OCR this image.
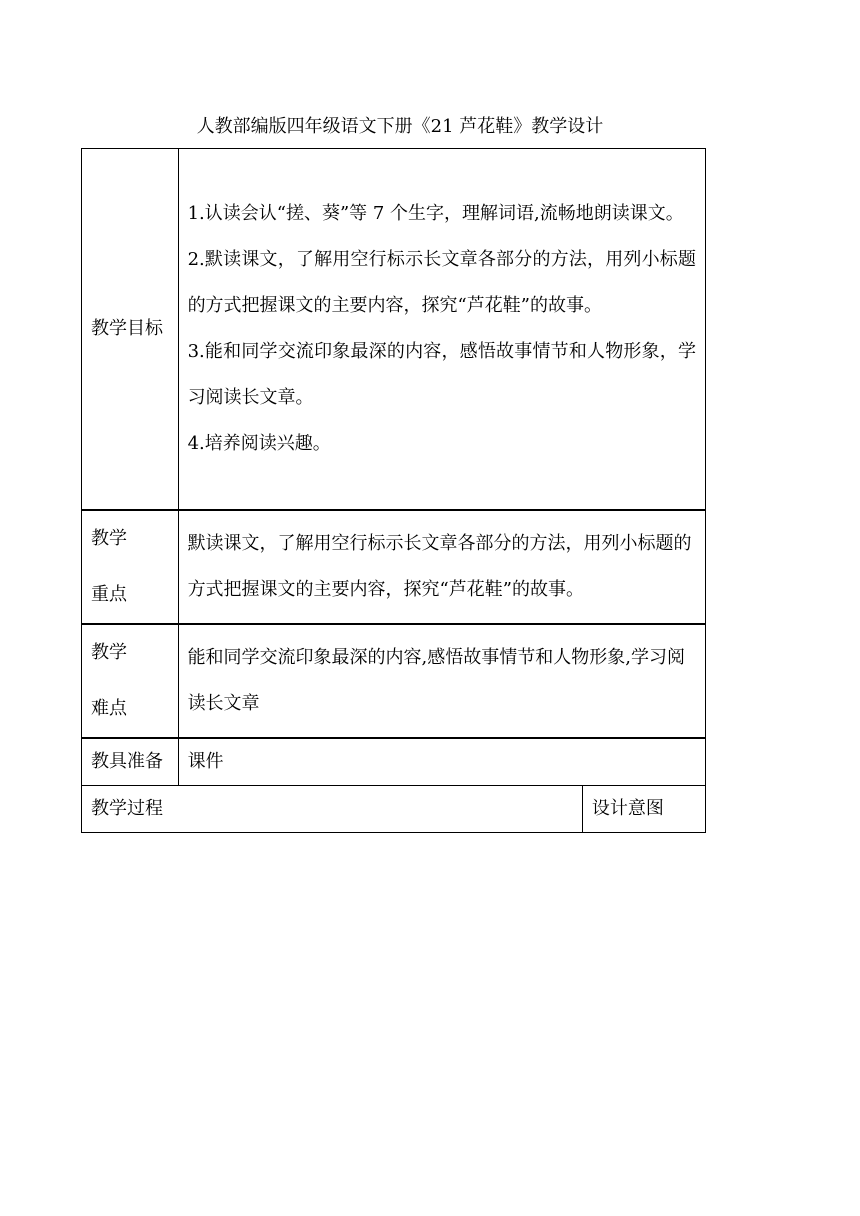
人教部编版四年级语文下册《21 芦花鞋》教学设计
教学目标	1.认读会认“搓、葵”等 7 个生字，理解词语,流畅地朗读课文。
2.默读课文，了解用空行标示长文章各部分的方法，用列小标题的方式把握课文的主要内容，探究“芦花鞋”的故事。
3.能和同学交流印象最深的内容，感悟故事情节和人物形象，学习阅读长文章。
4.培养阅读兴趣。	

教学
重点	默读课文，了解用空行标示长文章各部分的方法，用列小标题的方式把握课文的主要内容，探究“芦花鞋”的故事。	

教学
难点	能和同学交流印象最深的内容,感悟故事情节和人物形象,学习阅读长文章	
教具准备	课件	
教学过程		设计意图
